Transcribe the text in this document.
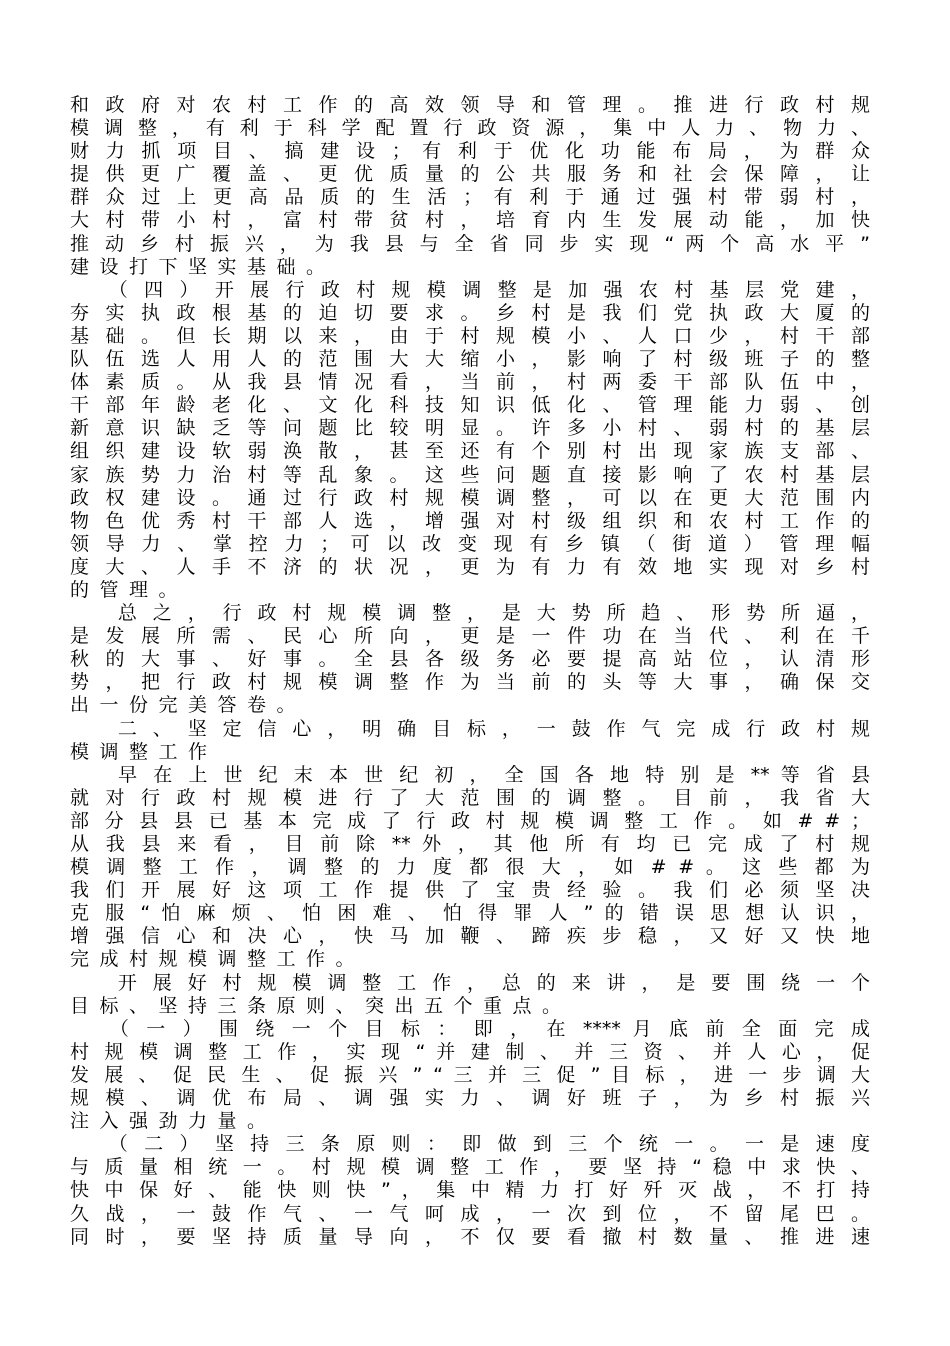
和 政 府 对 农 村 工 作 的 高 效 领 导 和 管 理 。 推 进 行 政 村 规
模 调 整 ， 有 利 于 科 学 配 置 行 政 资 源 ， 集 中 人 力 、 物 力 、
财 力 抓 项 目 、 搞 建 设 ； 有 利 于 优 化 功 能 布 局 ， 为 群 众
提 供 更 广 覆 盖 、 更 优 质 量 的 公 共 服 务 和 社 会 保 障 ， 让
群 众 过 上 更 高 品 质 的 生 活 ； 有 利 于 通 过 强 村 带 弱 村 ，
大 村 带 小 村 ， 富 村 带 贫 村 ， 培 育 内 生 发 展 动 能 ， 加 快
推 动 乡 村 振 兴 ， 为 我 县 与 全 省 同 步 实 现 “ 两 个 高 水 平 ”
建设打下坚实基础。
　　（ 四 ） 开 展 行 政 村 规 模 调 整 是 加 强 农 村 基 层 党 建 ，
夯 实 执 政 根 基 的 迫 切 要 求 。 乡 村 是 我 们 党 执 政 大 厦 的
基 础 。 但 长 期 以 来 ， 由 于 村 规 模 小 、 人 口 少 ， 村 干 部
队 伍 选 人 用 人 的 范 围 大 大 缩 小 ， 影 响 了 村 级 班 子 的 整
体 素 质 。 从 我 县 情 况 看 ， 当 前 ， 村 两 委 干 部 队 伍 中 ，
干 部 年 龄 老 化 、 文 化 科 技 知 识 低 化 、 管 理 能 力 弱 、 创
新 意 识 缺 乏 等 问 题 比 较 明 显 。 许 多 小 村 、 弱 村 的 基 层
组 织 建 设 软 弱 涣 散 ， 甚 至 还 有 个 别 村 出 现 家 族 支 部 、
家 族 势 力 治 村 等 乱 象 。 这 些 问 题 直 接 影 响 了 农 村 基 层
政 权 建 设 。 通 过 行 政 村 规 模 调 整 ， 可 以 在 更 大 范 围 内
物 色 优 秀 村 干 部 人 选 ， 增 强 对 村 级 组 织 和 农 村 工 作 的
领 导 力 、 掌 控 力 ； 可 以 改 变 现 有 乡 镇 （ 街 道 ） 管 理 幅
度 大 、 人 手 不 济 的 状 况 ， 更 为 有 力 有 效 地 实 现 对 乡 村
的管理。
　　总 之 ， 行 政 村 规 模 调 整 ， 是 大 势 所 趋 、 形 势 所 逼 ，
是 发 展 所 需 、 民 心 所 向 ， 更 是 一 件 功 在 当 代 、 利 在 千
秋 的 大 事 、 好 事 。 全 县 各 级 务 必 要 提 高 站 位 ， 认 清 形
势 ， 把 行 政 村 规 模 调 整 作 为 当 前 的 头 等 大 事 ， 确 保 交
出一份完美答卷。
　　二 、 坚 定 信 心 ， 明 确 目 标 ， 一 鼓 作 气 完 成 行 政 村 规
模调整工作
　　早 在 上 世 纪 末 本 世 纪 初 ， 全 国 各 地 特 别 是 ** 等 省 县
就 对 行 政 村 规 模 进 行 了 大 范 围 的 调 整 。 目 前 ， 我 省 大
部 分 县 县 已 基 本 完 成 了 行 政 村 规 模 调 整 工 作 。 如 # # ；
从 我 县 来 看 ， 目 前 除 ** 外 ， 其 他 所 有 均 已 完 成 了 村 规
模 调 整 工 作 ， 调 整 的 力 度 都 很 大 ， 如 # # 。 这 些 都 为
我 们 开 展 好 这 项 工 作 提 供 了 宝 贵 经 验 。 我 们 必 须 坚 决
克 服 “ 怕 麻 烦 、 怕 困 难 、 怕 得 罪 人 ” 的 错 误 思 想 认 识 ，
增 强 信 心 和 决 心 ， 快 马 加 鞭 、 蹄 疾 步 稳 ， 又 好 又 快 地
完成村规模调整工作。
　　开 展 好 村 规 模 调 整 工 作 ， 总 的 来 讲 ， 是 要 围 绕 一 个
目标、坚持三条原则、突出五个重点。
　　（ 一 ） 围 绕 一 个 目 标 ： 即 ， 在 **** 月 底 前 全 面 完 成
村 规 模 调 整 工 作 ， 实 现 “ 并 建 制 、 并 三 资 、 并 人 心 ， 促
发 展 、 促 民 生 、 促 振 兴 ” “ 三 并 三 促 ” 目 标 ， 进 一 步 调 大
规 模 、 调 优 布 局 、 调 强 实 力 、 调 好 班 子 ， 为 乡 村 振 兴
注入强劲力量。
　　（ 二 ） 坚 持 三 条 原 则 ： 即 做 到 三 个 统 一 。 一 是 速 度
与 质 量 相 统 一 。 村 规 模 调 整 工 作 ， 要 坚 持 “ 稳 中 求 快 、
快 中 保 好 、 能 快 则 快 ” ， 集 中 精 力 打 好 歼 灭 战 ， 不 打 持
久 战 ， 一 鼓 作 气 、 一 气 呵 成 ， 一 次 到 位 ， 不 留 尾 巴 。
同 时 ， 要 坚 持 质 量 导 向 ， 不 仅 要 看 撤 村 数 量 、 推 进 速
